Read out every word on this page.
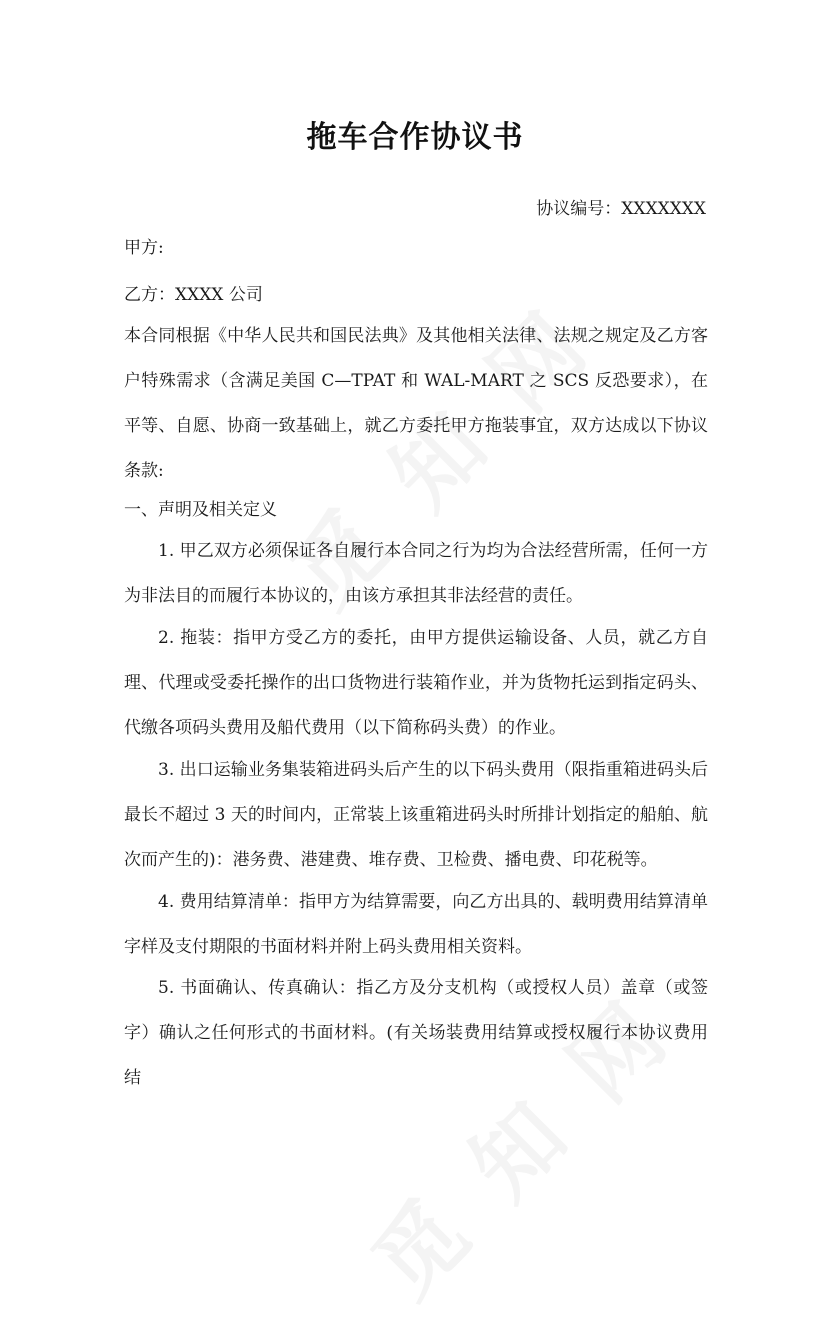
拖车合作协议书
协议编号：XXXXXXX
甲方:
乙方：XXXX 公司
本合同根据《中华人民共和国民法典》及其他相关法律、法规之规定及乙方客户特殊需求（含满足美国 C—TPAT 和 WAL-MART 之 SCS 反恐要求），在平等、自愿、协商一致基础上，就乙方委托甲方拖装事宜，双方达成以下协议条款:
一、声明及相关定义
1. 甲乙双方必须保证各自履行本合同之行为均为合法经营所需，任何一方为非法目的而履行本协议的，由该方承担其非法经营的责任。
2. 拖装：指甲方受乙方的委托，由甲方提供运输设备、人员，就乙方自理、代理或受委托操作的出口货物进行装箱作业，并为货物托运到指定码头、代缴各项码头费用及船代费用（以下简称码头费）的作业。
3. 出口运输业务集装箱进码头后产生的以下码头费用（限指重箱进码头后最长不超过 3 天的时间内，正常装上该重箱进码头时所排计划指定的船舶、航次而产生的)：港务费、港建费、堆存费、卫检费、播电费、印花税等。
4. 费用结算清单：指甲方为结算需要，向乙方出具的、载明费用结算清单字样及支付期限的书面材料并附上码头费用相关资料。
5. 书面确认、传真确认：指乙方及分支机构（或授权人员）盖章（或签字）确认之任何形式的书面材料。(有关场装费用结算或授权履行本协议费用结
